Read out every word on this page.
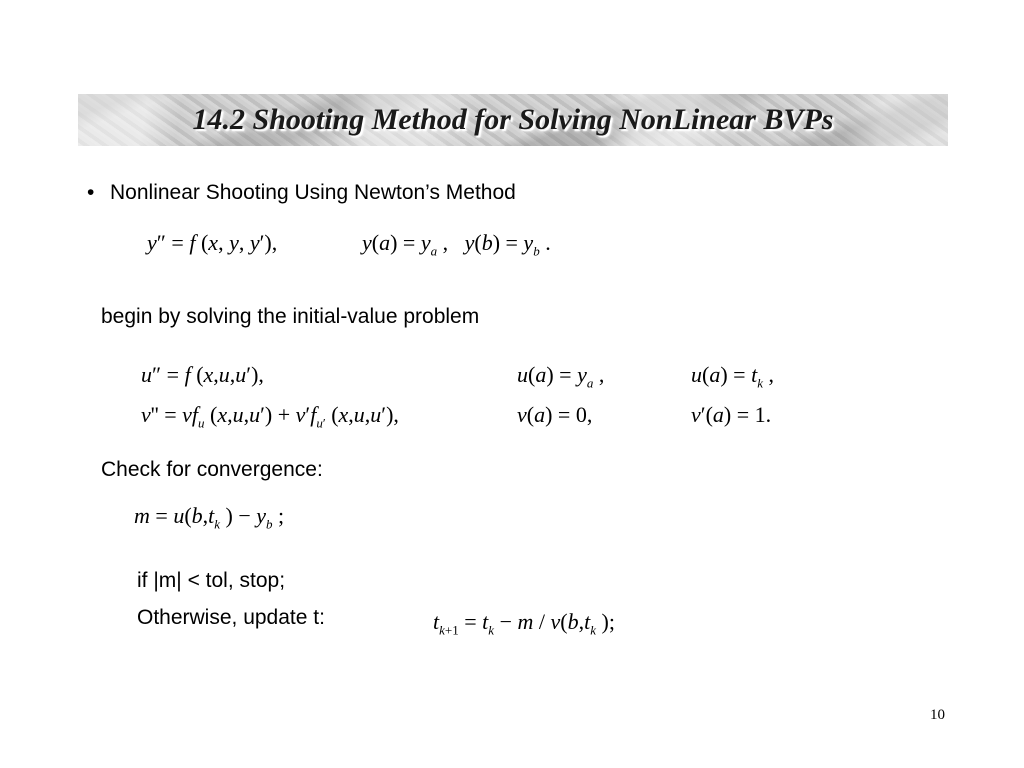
14.2 Shooting Method for Solving NonLinear BVPs
• Nonlinear Shooting Using Newton’s Method
y″ = f (x, y, y′),	$y(a) = y_a$ ,   $y(b) = y_b$ .
begin by solving the initial-value problem
u″ = f (x,u,u′),	$u(a) = y_a$ ,	$u(a) = t_k$ ,
$v'' = vf_u$ $(x,u,u') + v'f_{u'}$ (x,u,u′),	v(a) = 0,	v′(a) = 1.
Check for convergence:
$m = u(b,t_k$ ) − $y_b$ ;
if |m| < tol, stop;
Otherwise, update t:	$t_{k+1} = t_k - m / v(b,t_k$ );
10
